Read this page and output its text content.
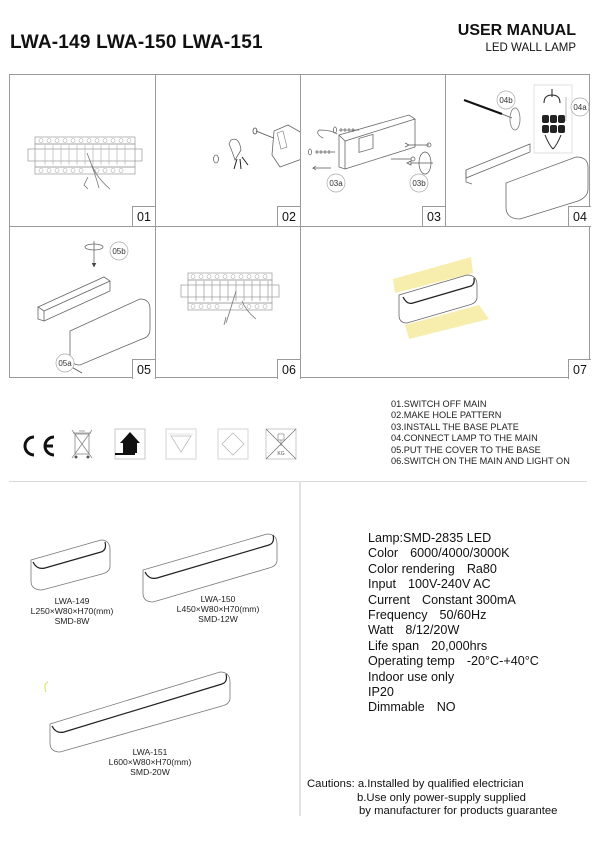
LWA-149 LWA-150 LWA-151
USER MANUAL
LED WALL LAMP
01	02
03a	03b
03
04b
04a
04
05b
05a	05	06	07
KG
01.SWITCH OFF MAIN
02.MAKE HOLE PATTERN
03.INSTALL THE BASE PLATE
04.CONNECT LAMP TO THE MAIN
05.PUT THE COVER TO THE BASE
06.SWITCH ON THE MAIN AND LIGHT ON
LWA-149
L250×W80×H70(mm)
SMD-8W
LWA-150
L450×W80×H70(mm)
SMD-12W
LWA-151
L600×W80×H70(mm)
SMD-20W
Lamp:SMD-2835 LED
Color 6000/4000/3000K
Color rendering Ra80
Input 100V-240V AC
Current Constant 300mA
Frequency 50/60Hz
Watt 8/12/20W
Life span 20,000hrs
Operating temp -20°C-+40°C
Indoor use only
IP20
Dimmable NO
Cautions: a.Installed by qualified electrician
b.Use only power-supply supplied
by manufacturer for products guarantee
